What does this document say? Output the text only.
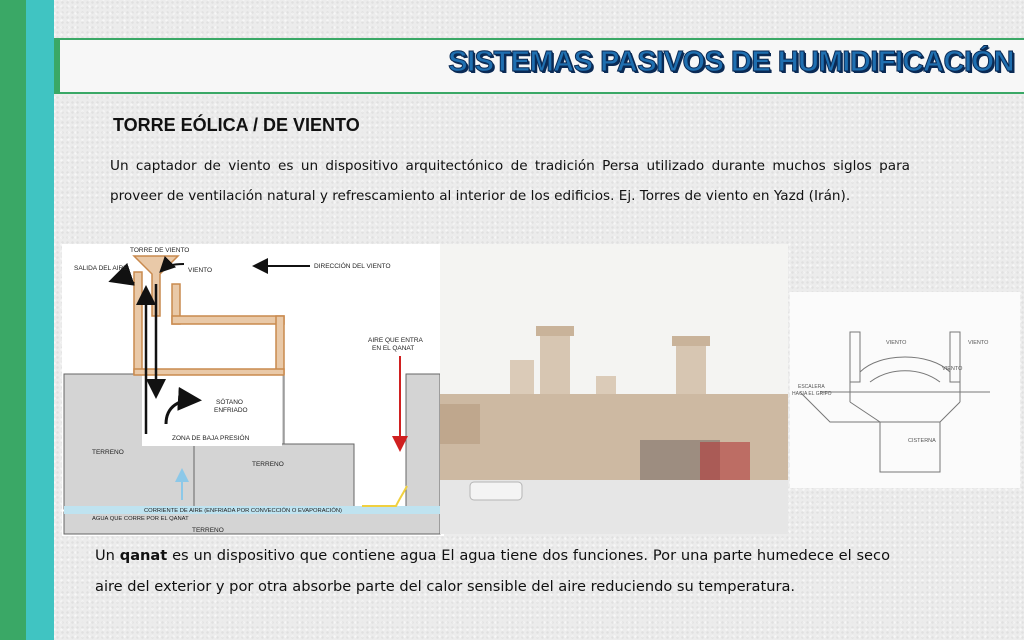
SISTEMAS PASIVOS DE HUMIDIFICACIÓN
TORRE EÓLICA / DE VIENTO
Un captador de viento es un dispositivo arquitectónico de tradición Persa utilizado durante muchos siglos para proveer de ventilación natural y refrescamiento al interior de los edificios. Ej. Torres de viento en Yazd (Irán).
TORRE DE VIENTO
SALIDA DEL AIRE	VIENTO
DIRECCIÓN DEL VIENTO
AIRE QUE ENTRA
EN EL QANAT
SÓTANO
ENFRIADO
ZONA DE BAJA PRESIÓN
TERRENO
TERRENO
TERRENO
CORRIENTE DE AIRE (ENFRIADA POR CONVECCIÓN O EVAPORACIÓN)
AGUA QUE CORRE POR EL QANAT
VIENTO	VIENTO
VIENTO
ESCALERA
HACIA EL GRIFO
CISTERNA
Un qanat es un dispositivo que contiene agua El agua tiene dos funciones. Por una parte humedece el seco aire del exterior y por otra absorbe parte del calor sensible del aire reduciendo su temperatura.
